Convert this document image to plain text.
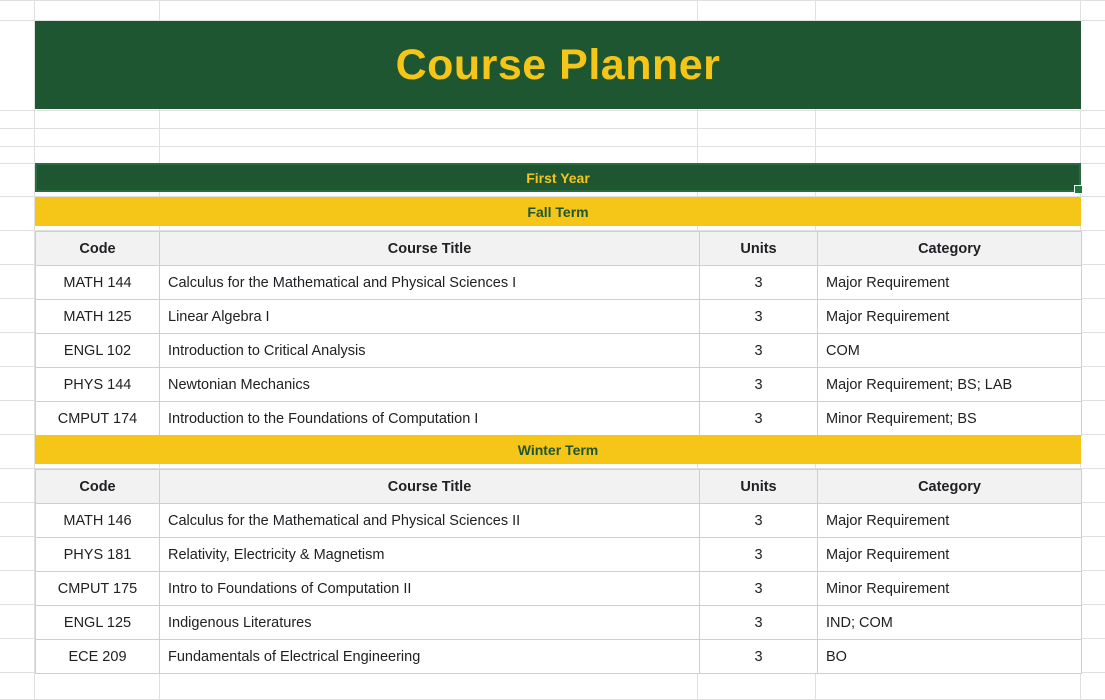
Course Planner
First Year
Fall Term
Code	Course Title	Units	Category
MATH 144	Calculus for the Mathematical and Physical Sciences I	3	Major Requirement
MATH 125	Linear Algebra I	3	Major Requirement
ENGL 102	Introduction to Critical Analysis	3	COM
PHYS 144	Newtonian Mechanics	3	Major Requirement; BS; LAB
CMPUT 174	Introduction to the Foundations of Computation I	3	Minor Requirement; BS
Winter Term
Code	Course Title	Units	Category
MATH 146	Calculus for the Mathematical and Physical Sciences II	3	Major Requirement
PHYS 181	Relativity, Electricity & Magnetism	3	Major Requirement
CMPUT 175	Intro to Foundations of Computation II	3	Minor Requirement
ENGL 125	Indigenous Literatures	3	IND; COM
ECE 209	Fundamentals of Electrical Engineering	3	BO
